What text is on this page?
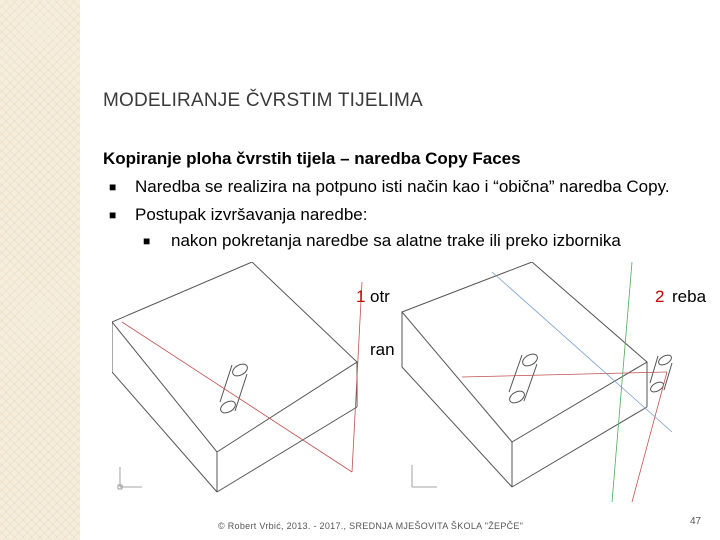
MODELIRANJE ČVRSTIM TIJELIMA
Kopiranje ploha čvrstih tijela – naredba Copy Faces
■ Naredba se realizira na potpuno isti način kao i “obična” naredba Copy.
■ Postupak izvršavanja naredbe:
■ nakon pokretanja naredbe sa alatne trake ili preko izbornika
1 otr	2 reba
ran
© Robert Vrbić, 2013. - 2017., SREDNJA MJEŠOVITA ŠKOLA "ŽEPČE"	47
